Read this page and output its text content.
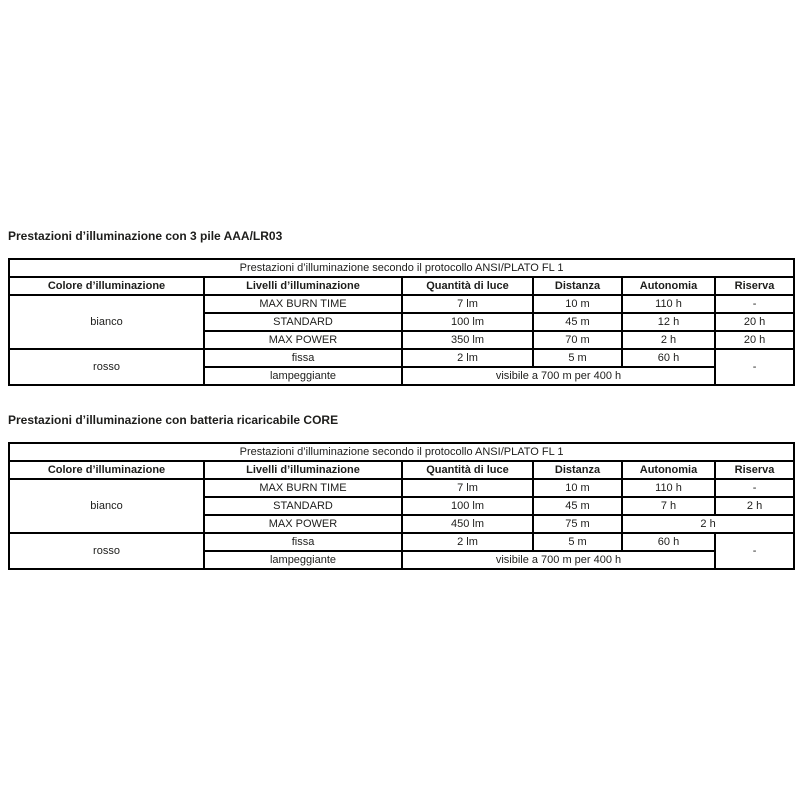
Prestazioni d’illuminazione con 3 pile AAA/LR03

Prestazioni d’illuminazione secondo il protocollo ANSI/PLATO FL 1					
Colore d’illuminazione	Livelli d’illuminazione	Quantità di luce	Distanza	Autonomia	Riserva
bianco	MAX BURN TIME	7 lm	10 m	110 h	-
	STANDARD	100 lm	45 m	12 h	20 h
	MAX POWER	350 lm	70 m	2 h	20 h
rosso	fissa	2 lm	5 m	60 h	-
	lampeggiante	visibile a 700 m per 400 h			

Prestazioni d’illuminazione con batteria ricaricabile CORE

Prestazioni d’illuminazione secondo il protocollo ANSI/PLATO FL 1					
Colore d’illuminazione	Livelli d’illuminazione	Quantità di luce	Distanza	Autonomia	Riserva
bianco	MAX BURN TIME	7 lm	10 m	110 h	-
	STANDARD	100 lm	45 m	7 h	2 h
	MAX POWER	450 lm	75 m	2 h	
rosso	fissa	2 lm	5 m	60 h	-
	lampeggiante	visibile a 700 m per 400 h			
